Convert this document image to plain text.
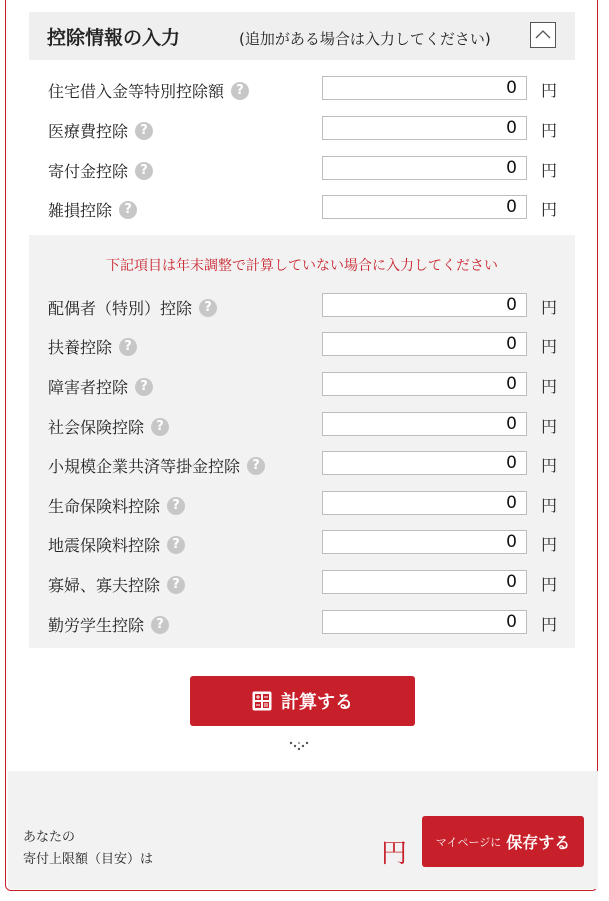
控除情報の入力	(追加がある場合は入力してください)
住宅借入金等特別控除額 ?	0	円
医療費控除 ?	0	円
寄付金控除 ?	0	円
雑損控除 ?	0	円
下記項目は年末調整で計算していない場合に入力してください
配偶者（特別）控除 ?	0	円
扶養控除 ?	0	円
障害者控除 ?	0	円
社会保険控除 ?	0	円
小規模企業共済等掛金控除 ?	0	円
生命保険料控除 ?	0	円
地震保険料控除 ?	0	円
寡婦、寡夫控除 ?	0	円
勤労学生控除 ?	0	円
計算する
あなたの
寄付上限額（目安）は	円	マイページに 保存する
